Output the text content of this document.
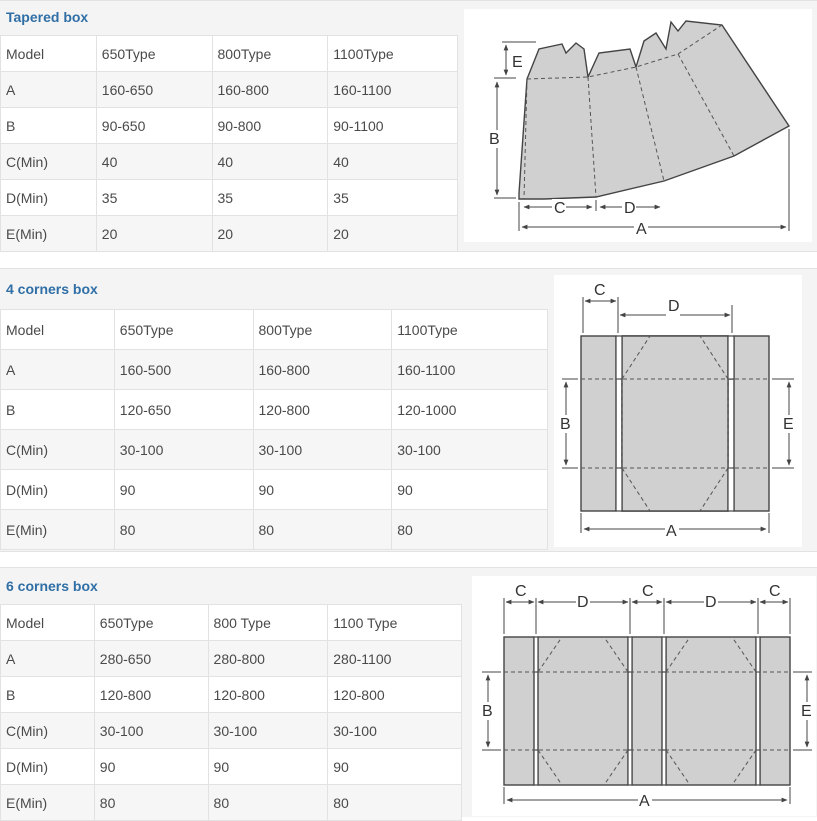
Tapered box
Model	650Type	800Type	1100Type
A	160-650	160-800	160-1100
B	90-650	90-800	90-1100
C(Min)	40	40	40
D(Min)	35	35	35
E(Min)	20	20	20
B
E
C	D
A
4 corners box
Model	650Type	800Type	1100Type
A	160-500	160-800	160-1100
B	120-650	120-800	120-1000
C(Min)	30-100	30-100	30-100
D(Min)	90	90	90
E(Min)	80	80	80
C
D
B	E
A
6 corners box
Model	650Type	800 Type	1100 Type
A	280-650	280-800	280-1100
B	120-800	120-800	120-800
C(Min)	30-100	30-100	30-100
D(Min)	90	90	90
E(Min)	80	80	80
C
D
C
D
C
B	E
A
